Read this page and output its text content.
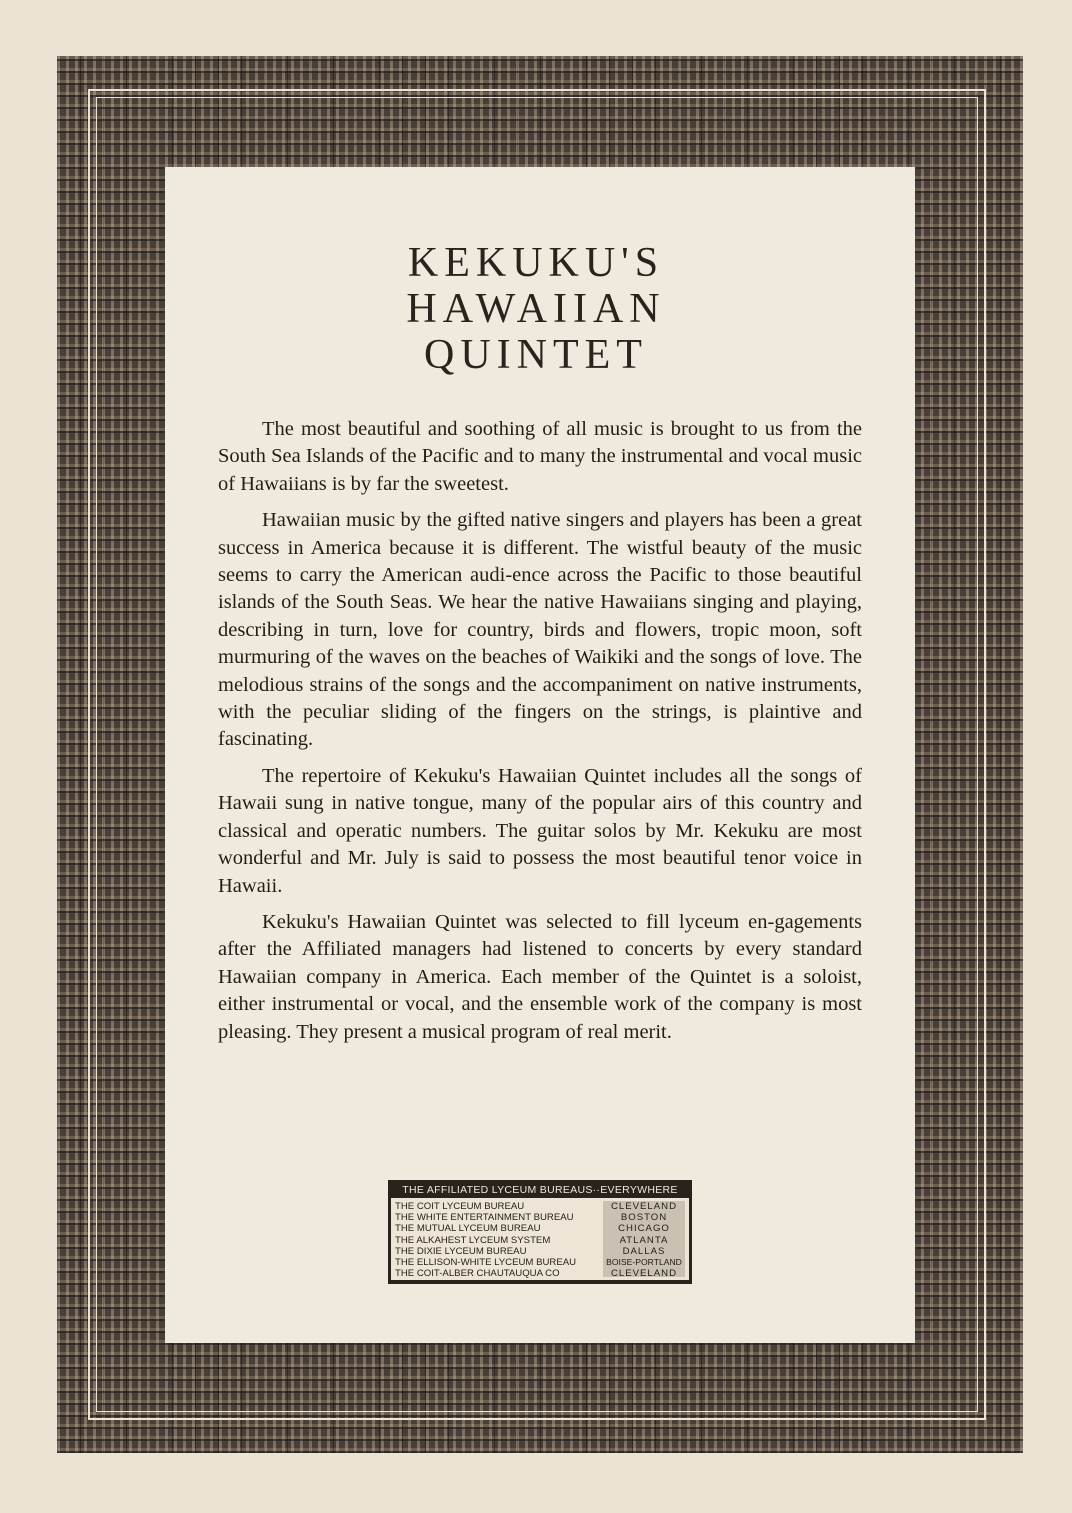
KEKUKU'S
HAWAIIAN
QUINTET

The most beautiful and soothing of all music is brought to us from the South Sea Islands of the Pacific and to many the instrumental and vocal music of Hawaiians is by far the sweetest.

Hawaiian music by the gifted native singers and players has been a great success in America because it is different. The wistful beauty of the music seems to carry the American audi-ence across the Pacific to those beautiful islands of the South Seas. We hear the native Hawaiians singing and playing, describing in turn, love for country, birds and flowers, tropic moon, soft murmuring of the waves on the beaches of Waikiki and the songs of love. The melodious strains of the songs and the accompaniment on native instruments, with the peculiar sliding of the fingers on the strings, is plaintive and fascinating.

The repertoire of Kekuku's Hawaiian Quintet includes all the songs of Hawaii sung in native tongue, many of the popular airs of this country and classical and operatic numbers. The guitar solos by Mr. Kekuku are most wonderful and Mr. July is said to possess the most beautiful tenor voice in Hawaii.

Kekuku's Hawaiian Quintet was selected to fill lyceum en-gagements after the Affiliated managers had listened to concerts by every standard Hawaiian company in America. Each member of the Quintet is a soloist, either instrumental or vocal, and the ensemble work of the company is most pleasing. They present a musical program of real merit.

THE AFFILIATED LYCEUM BUREAUS··EVERYWHERE
THE COIT LYCEUM BUREAU
THE WHITE ENTERTAINMENT BUREAU
THE MUTUAL LYCEUM BUREAU
THE ALKAHEST LYCEUM SYSTEM
THE DIXIE LYCEUM BUREAU
THE ELLISON-WHITE LYCEUM BUREAU
THE COIT-ALBER CHAUTAUQUA CO
CLEVELAND
BOSTON
CHICAGO
ATLANTA
DALLAS
BOISE-PORTLAND
CLEVELAND
